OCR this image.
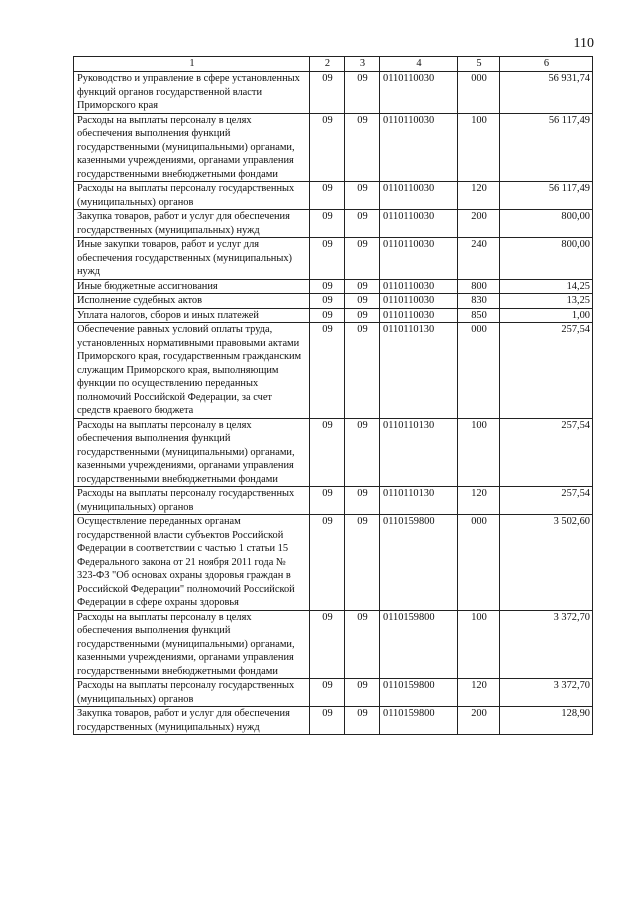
110
1	2	3	4	5	6
Руководство и управление в сфере установленных функций органов государственной власти Приморского края	09	09	0110110030	000	56 931,74
Расходы на выплаты персоналу в целях обеспечения выполнения функций государственными (муниципальными) органами, казенными учреждениями, органами управления государственными внебюджетными фондами	09	09	0110110030	100	56 117,49
Расходы на выплаты персоналу государственных (муниципальных) органов	09	09	0110110030	120	56 117,49
Закупка товаров, работ и услуг для обеспечения государственных (муниципальных) нужд	09	09	0110110030	200	800,00
Иные закупки товаров, работ и услуг для обеспечения государственных (муниципальных) нужд	09	09	0110110030	240	800,00
Иные бюджетные ассигнования	09	09	0110110030	800	14,25
Исполнение судебных актов	09	09	0110110030	830	13,25
Уплата налогов, сборов и иных платежей	09	09	0110110030	850	1,00
Обеспечение равных условий оплаты труда, установленных нормативными правовыми актами Приморского края, государственным гражданским служащим Приморского края, выполняющим функции по осуществлению переданных полномочий Российской Федерации, за счет средств краевого бюджета	09	09	0110110130	000	257,54
Расходы на выплаты персоналу в целях обеспечения выполнения функций государственными (муниципальными) органами, казенными учреждениями, органами управления государственными внебюджетными фондами	09	09	0110110130	100	257,54
Расходы на выплаты персоналу государственных (муниципальных) органов	09	09	0110110130	120	257,54
Осуществление переданных органам государственной власти субъектов Российской Федерации в соответствии с частью 1 статьи 15 Федерального закона от 21 ноября 2011 года № 323-ФЗ "Об основах охраны здоровья граждан в Российской Федерации" полномочий Российской Федерации в сфере охраны здоровья	09	09	0110159800	000	3 502,60
Расходы на выплаты персоналу в целях обеспечения выполнения функций государственными (муниципальными) органами, казенными учреждениями, органами управления государственными внебюджетными фондами	09	09	0110159800	100	3 372,70
Расходы на выплаты персоналу государственных (муниципальных) органов	09	09	0110159800	120	3 372,70
Закупка товаров, работ и услуг для обеспечения государственных (муниципальных) нужд	09	09	0110159800	200	128,90
